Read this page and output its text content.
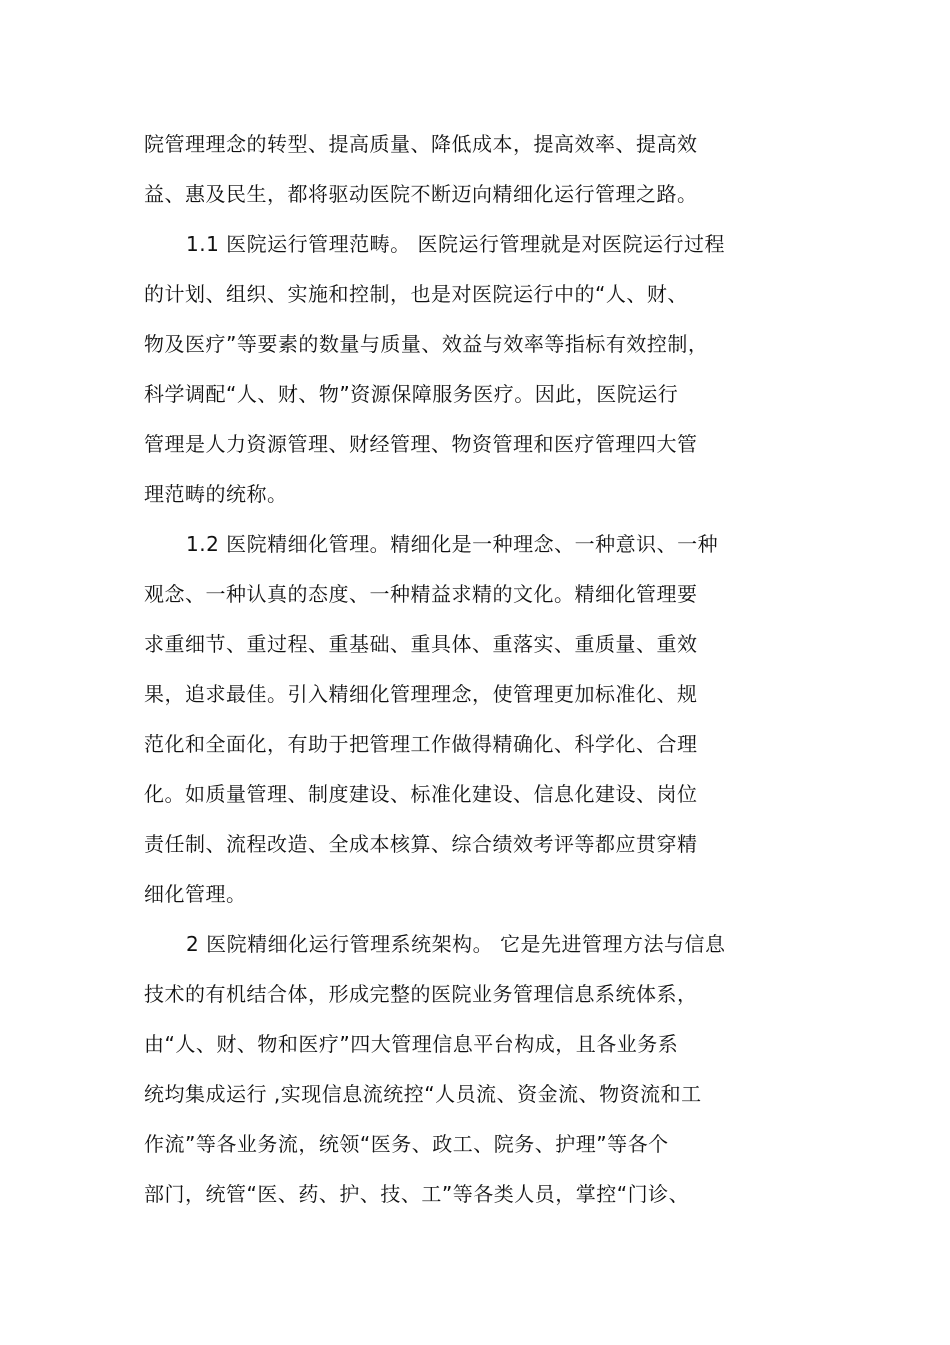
院管理理念的转型、提高质量、降低成本，提高效率、提高效
益、惠及民生，都将驱动医院不断迈向精细化运行管理之路。
1.1 医院运行管理范畴。 医院运行管理就是对医院运行过程
的计划、组织、实施和控制，也是对医院运行中的“人、财、
物及医疗”等要素的数量与质量、效益与效率等指标有效控制，
科学调配“人、财、物”资源保障服务医疗。因此，医院运行
管理是人力资源管理、财经管理、物资管理和医疗管理四大管
理范畴的统称。
1.2 医院精细化管理。精细化是一种理念、一种意识、一种
观念、一种认真的态度、一种精益求精的文化。精细化管理要
求重细节、重过程、重基础、重具体、重落实、重质量、重效
果，追求最佳。引入精细化管理理念，使管理更加标准化、规
范化和全面化，有助于把管理工作做得精确化、科学化、合理
化。如质量管理、制度建设、标准化建设、信息化建设、岗位
责任制、流程改造、全成本核算、综合绩效考评等都应贯穿精
细化管理。
2 医院精细化运行管理系统架构。 它是先进管理方法与信息
技术的有机结合体，形成完整的医院业务管理信息系统体系，
由“人、财、物和医疗”四大管理信息平台构成，且各业务系
统均集成运行 ,实现信息流统控“人员流、资金流、物资流和工
作流”等各业务流，统领“医务、政工、院务、护理”等各个
部门，统管“医、药、护、技、工”等各类人员，掌控“门诊、
